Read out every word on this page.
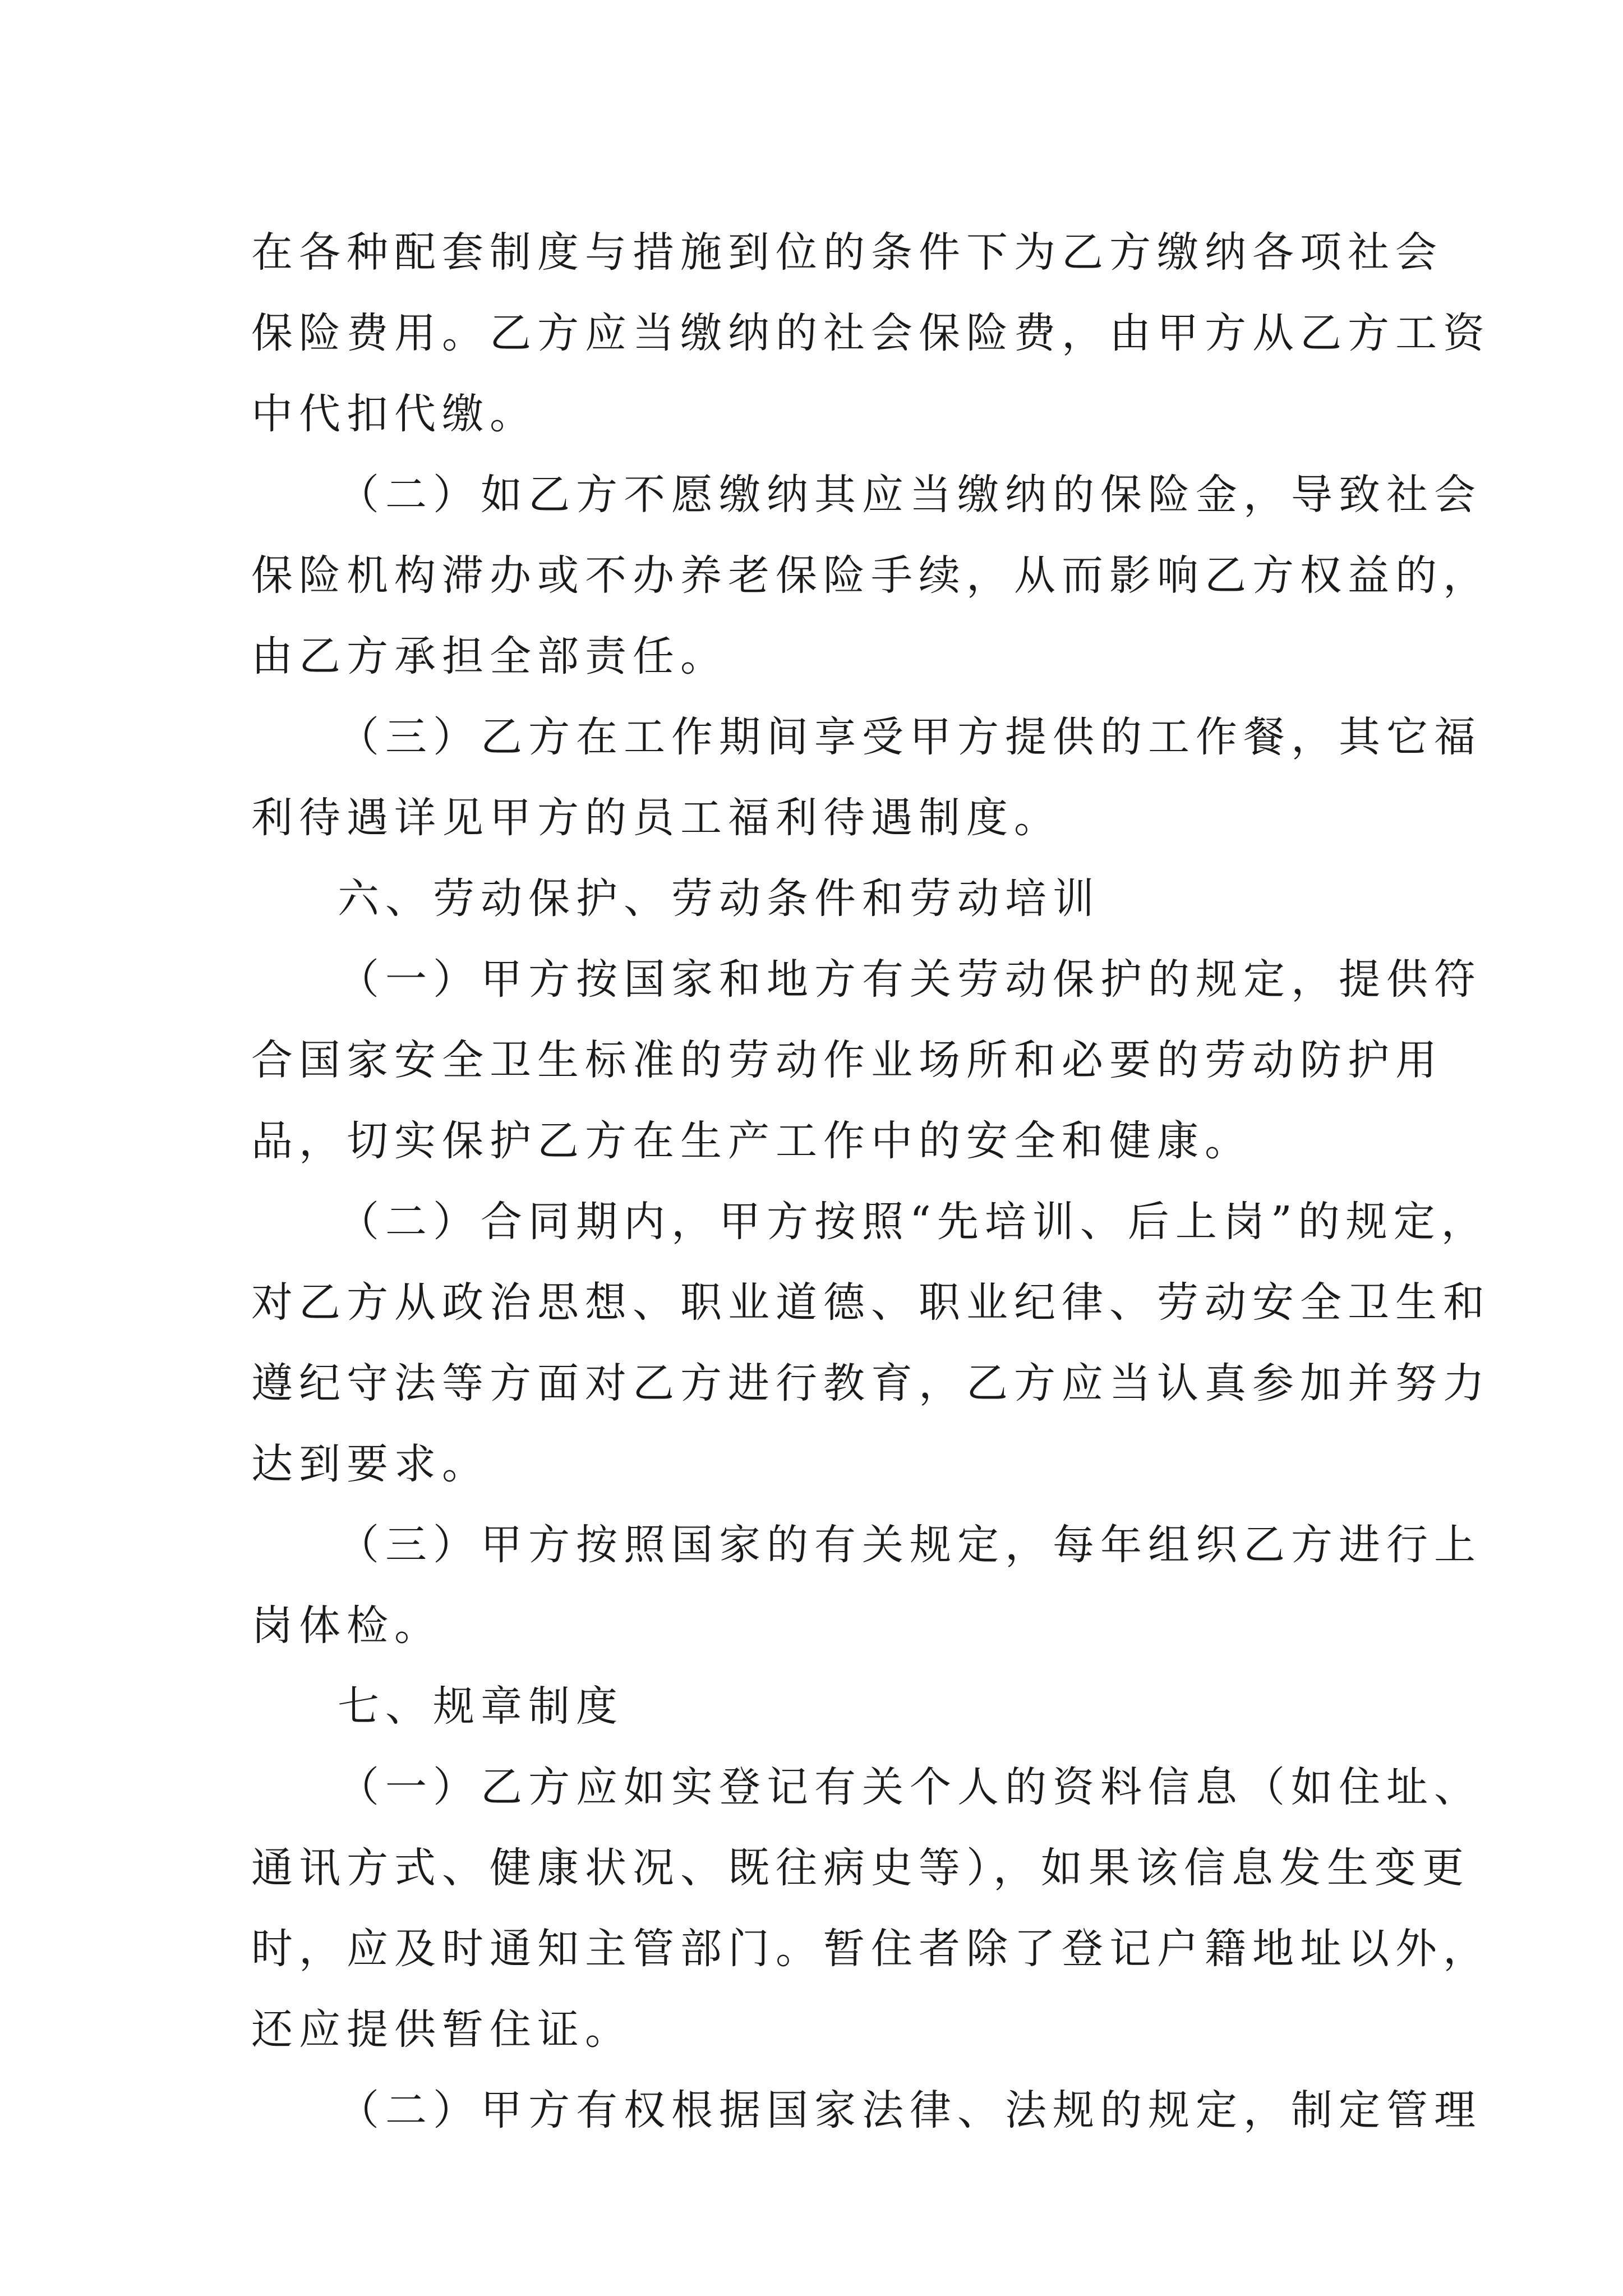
在各种配套制度与措施到位的条件下为乙方缴纳各项社会
保险费用。乙方应当缴纳的社会保险费，由甲方从乙方工资
中代扣代缴。
（二）如乙方不愿缴纳其应当缴纳的保险金，导致社会
保险机构滞办或不办养老保险手续，从而影响乙方权益的，
由乙方承担全部责任。
（三）乙方在工作期间享受甲方提供的工作餐，其它福
利待遇详见甲方的员工福利待遇制度。
六、劳动保护、劳动条件和劳动培训
（一）甲方按国家和地方有关劳动保护的规定，提供符
合国家安全卫生标准的劳动作业场所和必要的劳动防护用
品，切实保护乙方在生产工作中的安全和健康。
（二）合同期内，甲方按照“先培训、后上岗”的规定，
对乙方从政治思想、职业道德、职业纪律、劳动安全卫生和
遵纪守法等方面对乙方进行教育，乙方应当认真参加并努力
达到要求。
（三）甲方按照国家的有关规定，每年组织乙方进行上
岗体检。
七、规章制度
（一）乙方应如实登记有关个人的资料信息（如住址、
通讯方式、健康状况、既往病史等），如果该信息发生变更
时，应及时通知主管部门。暂住者除了登记户籍地址以外，
还应提供暂住证。
（二）甲方有权根据国家法律、法规的规定，制定管理
